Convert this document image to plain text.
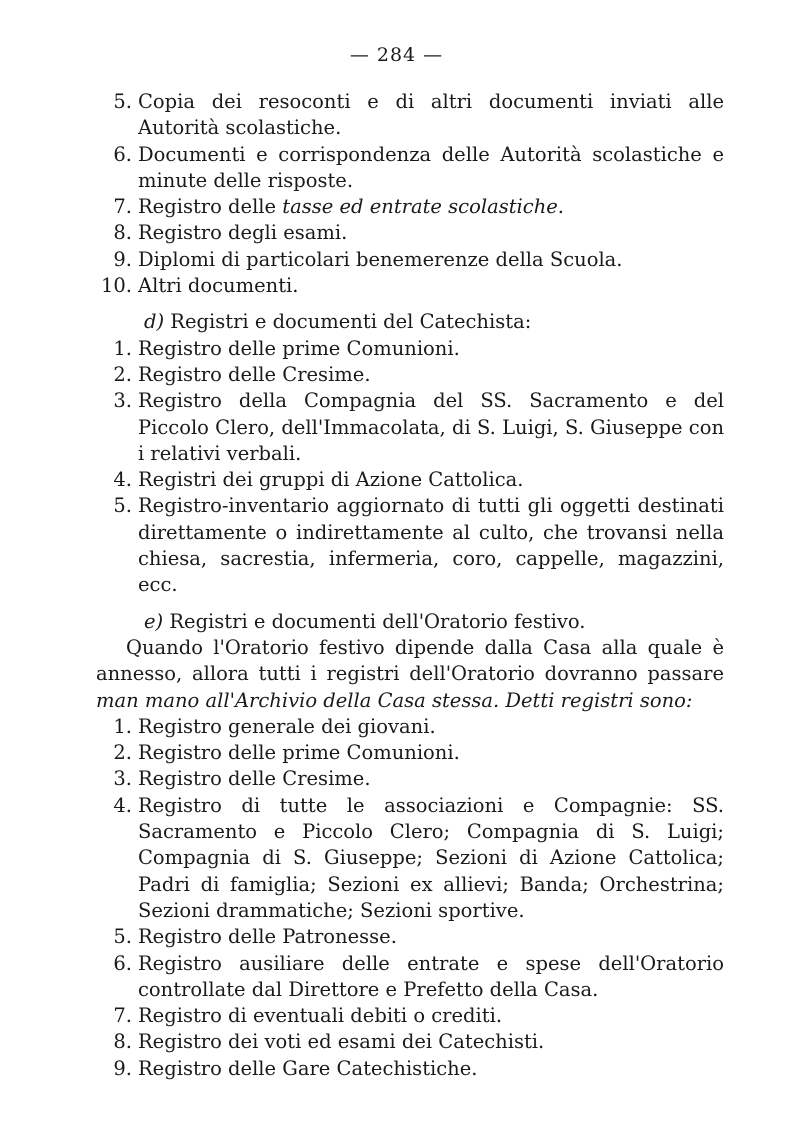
— 284 —
5. Copia dei resoconti e di altri documenti inviati alle Autorità scolastiche.
6. Documenti e corrispondenza delle Autorità scolastiche e minute delle risposte.
7. Registro delle tasse ed entrate scolastiche.
8. Registro degli esami.
9. Diplomi di particolari benemerenze della Scuola.
10. Altri documenti.

d) Registri e documenti del Catechista:

1. Registro delle prime Comunioni.
2. Registro delle Cresime.
3. Registro della Compagnia del SS. Sacramento e del Piccolo Clero, dell'Immacolata, di S. Luigi, S. Giuseppe con i relativi verbali.
4. Registri dei gruppi di Azione Cattolica.
5. Registro-inventario aggiornato di tutti gli oggetti destinati direttamente o indirettamente al culto, che trovansi nella chiesa, sacrestia, infermeria, coro, cappelle, magazzini, ecc.

e) Registri e documenti dell'Oratorio festivo.

Quando l'Oratorio festivo dipende dalla Casa alla quale è annesso, allora tutti i registri dell'Oratorio dovranno passare man mano all'Archivio della Casa stessa. Detti registri sono:

1. Registro generale dei giovani.
2. Registro delle prime Comunioni.
3. Registro delle Cresime.
4. Registro di tutte le associazioni e Compagnie: SS. Sacramento e Piccolo Clero; Compagnia di S. Luigi; Compagnia di S. Giuseppe; Sezioni di Azione Cattolica; Padri di famiglia; Sezioni ex allievi; Banda; Orchestrina; Sezioni drammatiche; Sezioni sportive.
5. Registro delle Patronesse.
6. Registro ausiliare delle entrate e spese dell'Oratorio controllate dal Direttore e Prefetto della Casa.
7. Registro di eventuali debiti o crediti.
8. Registro dei voti ed esami dei Catechisti.
9. Registro delle Gare Catechistiche.
